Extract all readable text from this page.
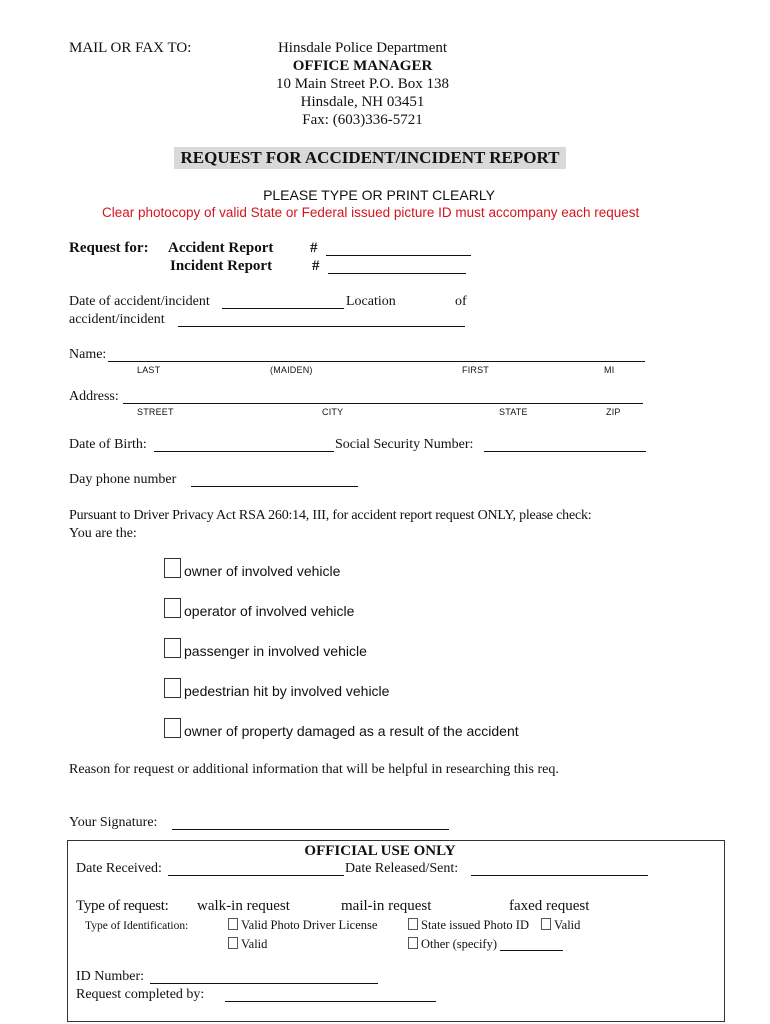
MAIL OR FAX TO:	Hinsdale Police Department
OFFICE MANAGER
10 Main Street P.O. Box 138
Hinsdale, NH 03451
Fax: (603)336-5721
REQUEST FOR ACCIDENT/INCIDENT REPORT
PLEASE TYPE OR PRINT CLEARLY
Clear photocopy of valid State or Federal issued picture ID must accompany each request
Request for: Accident Report #
Incident Report	#
Date of accident/incident	Location	of
accident/incident
Name:
LAST	(MAIDEN)	FIRST	MI
Address:
STREET	CITY	STATE	ZIP
Date of Birth:	Social Security Number:
Day phone number
Pursuant to Driver Privacy Act RSA 260:14, III, for accident report request ONLY, please check:
You are the:
owner of involved vehicle
operator of involved vehicle
passenger in involved vehicle
pedestrian hit by involved vehicle
owner of property damaged as a result of the accident
Reason for request or additional information that will be helpful in researching this req.
Your Signature:
OFFICIAL USE ONLY
Date Received:	Date Released/Sent:
Type of request: walk-in request	mail-in request	faxed request
Type of Identification:	Valid Photo Driver License	State issued Photo ID	Valid
Valid	Other (specify)
ID Number:
Request completed by:
